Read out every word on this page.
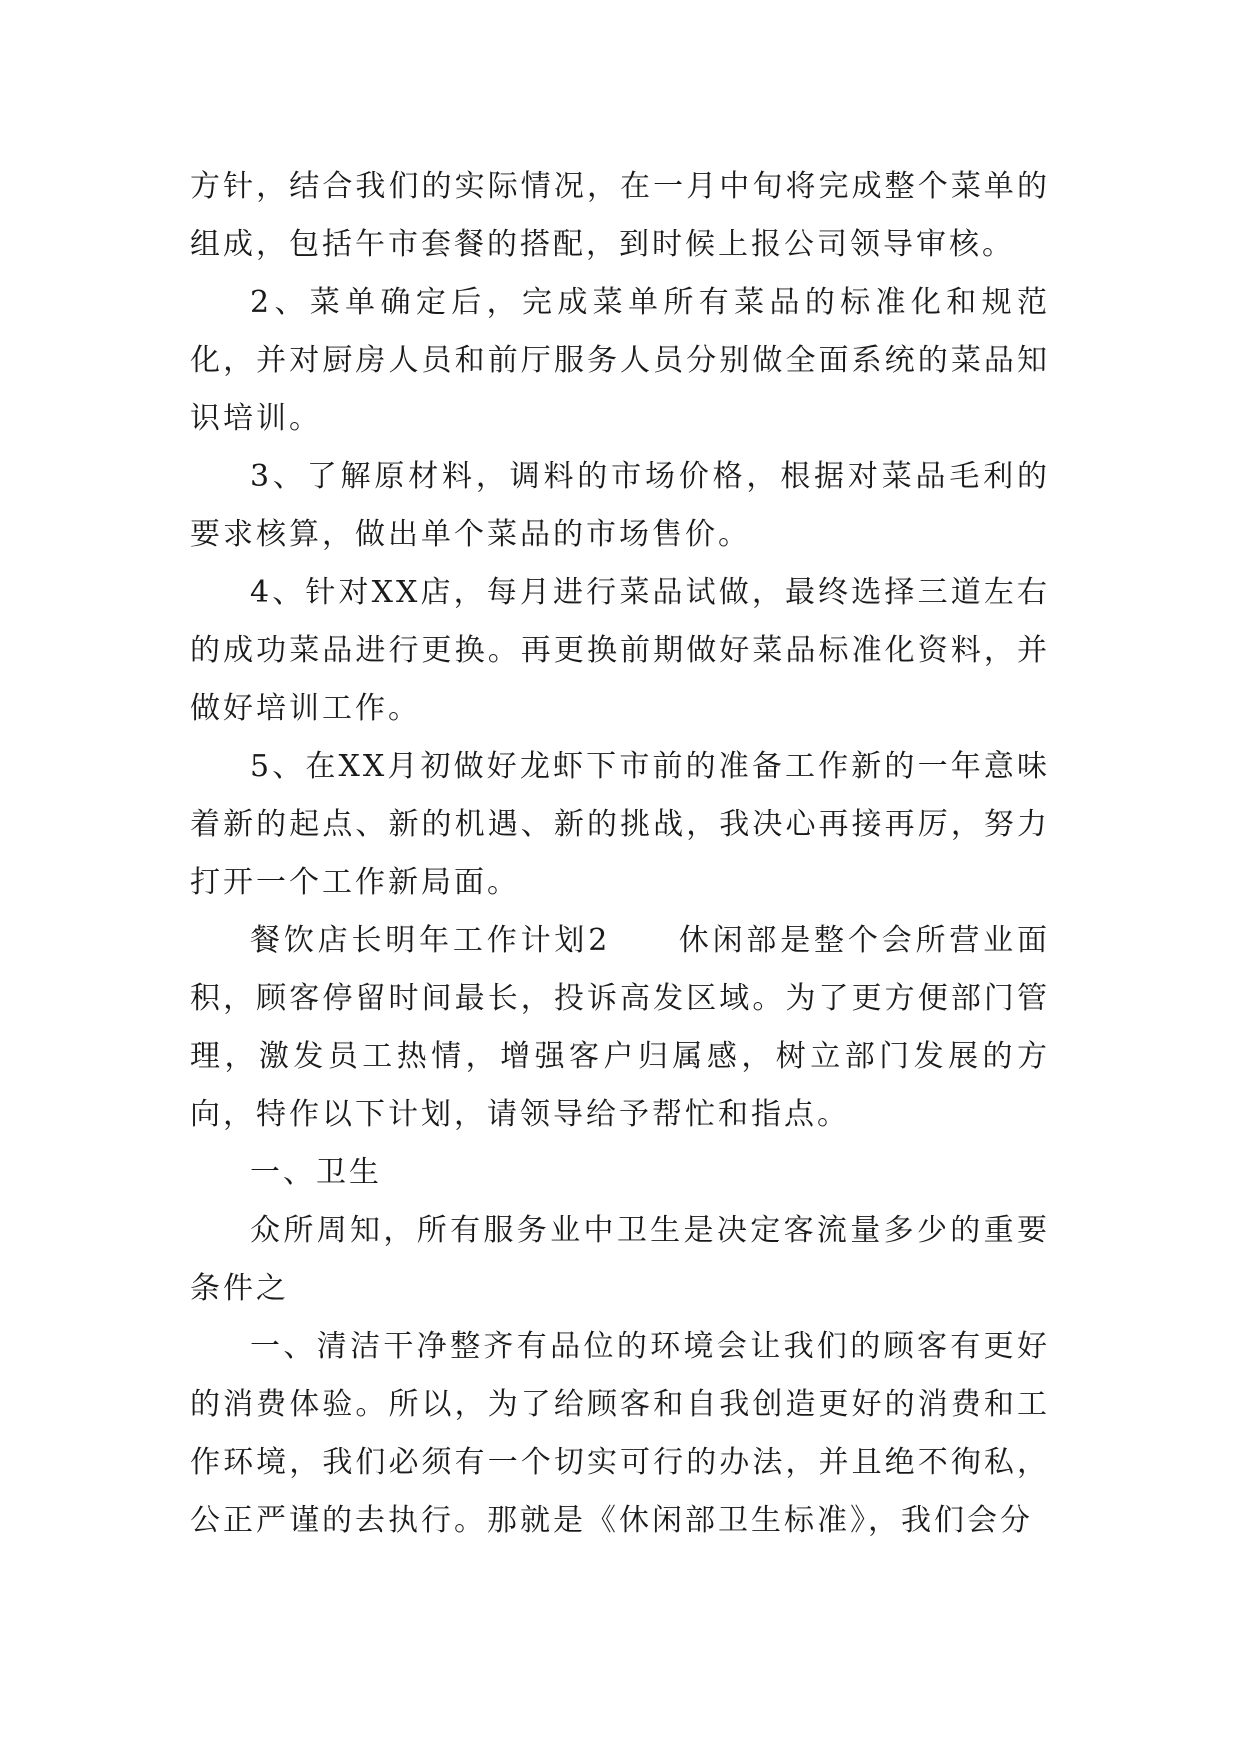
方针，结合我们的实际情况，在一月中旬将完成整个菜单的组成，包括午市套餐的搭配，到时候上报公司领导审核。

2、菜单确定后，完成菜单所有菜品的标准化和规范化，并对厨房人员和前厅服务人员分别做全面系统的菜品知识培训。

3、了解原材料，调料的市场价格，根据对菜品毛利的要求核算，做出单个菜品的市场售价。

4、针对XX店，每月进行菜品试做，最终选择三道左右的成功菜品进行更换。再更换前期做好菜品标准化资料，并做好培训工作。

5、在XX月初做好龙虾下市前的准备工作新的一年意味着新的起点、新的机遇、新的挑战，我决心再接再厉，努力打开一个工作新局面。

餐饮店长明年工作计划2　　休闲部是整个会所营业面积，顾客停留时间最长，投诉高发区域。为了更方便部门管理，激发员工热情，增强客户归属感，树立部门发展的方向，特作以下计划，请领导给予帮忙和指点。

一、卫生

众所周知，所有服务业中卫生是决定客流量多少的重要条件之

一、清洁干净整齐有品位的环境会让我们的顾客有更好的消费体验。所以，为了给顾客和自我创造更好的消费和工作环境，我们必须有一个切实可行的办法，并且绝不徇私，公正严谨的去执行。那就是《休闲部卫生标准》，我们会分
